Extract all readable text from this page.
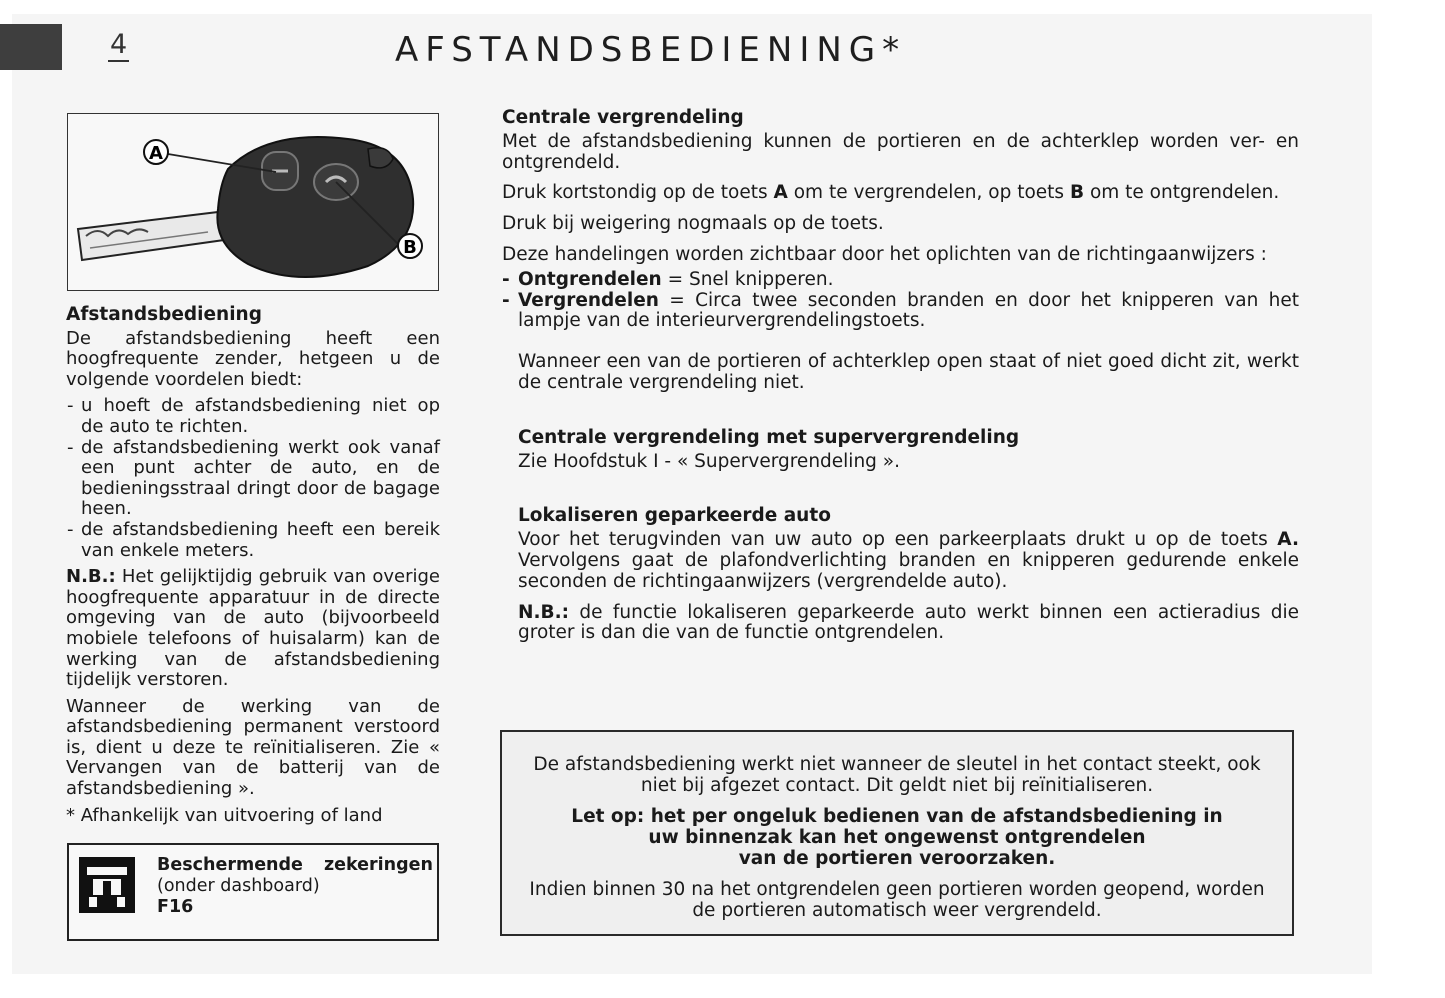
4	AFSTANDSBEDIENING*
A
B
Afstandsbediening

De afstandsbediening heeft een hoogfrequente zender, hetgeen u de volgende voordelen biedt:

- u hoeft de afstandsbediening niet op de auto te richten.
- de afstandsbediening werkt ook vanaf een punt achter de auto, en de bedieningsstraal dringt door de bagage heen.
- de afstandsbediening heeft een bereik van enkele meters.

N.B.: Het gelijktijdig gebruik van overige hoogfrequente apparatuur in de directe omgeving van de auto (bijvoorbeeld mobiele telefoons of huisalarm) kan de werking van de afstandsbediening tijdelijk verstoren.

Wanneer de werking van de afstandsbediening permanent verstoord is, dient u deze te reïnitialiseren. Zie « Vervangen van de batterij van de afstandsbediening ».

* Afhankelijk van uitvoering of land

Beschermende zekeringen
(onder dashboard)
F16
Centrale vergrendeling

Met de afstandsbediening kunnen de portieren en de achterklep worden ver- en ontgrendeld.

Druk kortstondig op de toets A om te vergrendelen, op toets B om te ontgrendelen.

Druk bij weigering nogmaals op de toets.

Deze handelingen worden zichtbaar door het oplichten van de richtingaanwijzers :

- Ontgrendelen = Snel knipperen.

- Vergrendelen = Circa twee seconden branden en door het knipperen van het lampje van de interieurvergrendelingstoets.

Wanneer een van de portieren of achterklep open staat of niet goed dicht zit, werkt de centrale vergrendeling niet.

Centrale vergrendeling met supervergrendeling

Zie Hoofdstuk I - « Supervergrendeling ».

Lokaliseren geparkeerde auto

Voor het terugvinden van uw auto op een parkeerplaats drukt u op de toets A. Vervolgens gaat de plafondverlichting branden en knipperen gedurende enkele seconden de richtingaanwijzers (vergrendelde auto).

N.B.: de functie lokaliseren geparkeerde auto werkt binnen een actieradius die groter is dan die van de functie ontgrendelen.

De afstandsbediening werkt niet wanneer de sleutel in het contact steekt, ook niet bij afgezet contact. Dit geldt niet bij reïnitialiseren.

Let op: het per ongeluk bedienen van de afstandsbediening in
uw binnenzak kan het ongewenst ontgrendelen
van de portieren veroorzaken.

Indien binnen 30 na het ontgrendelen geen portieren worden geopend, worden de portieren automatisch weer vergrendeld.
